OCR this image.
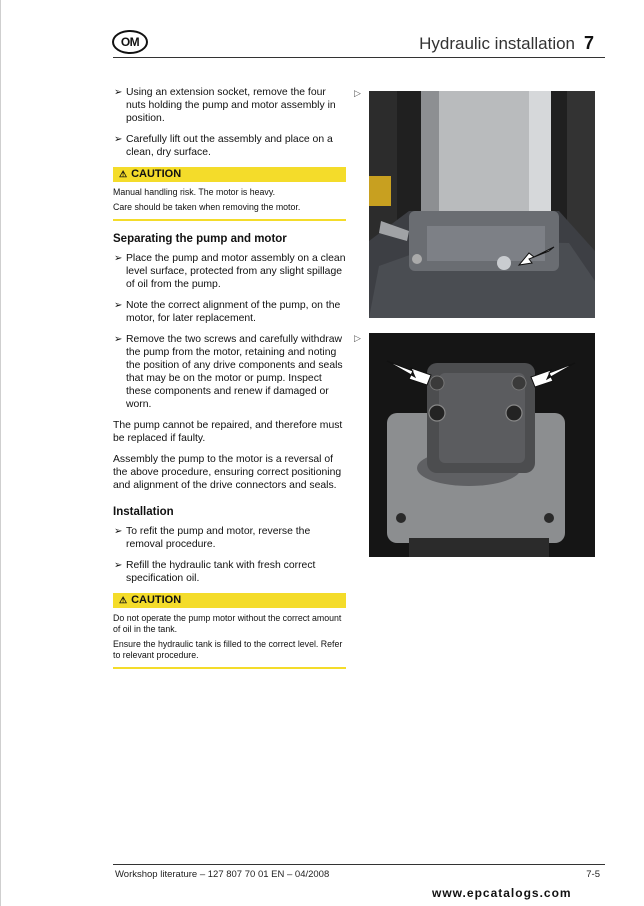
OM	Hydraulic installation 7
➢ Using an extension socket, remove the four nuts holding the pump and motor assembly in position.
➢ Carefully lift out the assembly and place on a clean, dry surface.
⚠ CAUTION
Manual handling risk. The motor is heavy.
Care should be taken when removing the motor.
Separating the pump and motor
➢ Place the pump and motor assembly on a clean level surface, protected from any slight spillage of oil from the pump.
➢ Note the correct alignment of the pump, on the motor, for later replacement.
➢ Remove the two screws and carefully withdraw the pump from the motor, retaining and noting the position of any drive components and seals that may be on the motor or pump. Inspect these components and renew if damaged or worn.
The pump cannot be repaired, and therefore must be replaced if faulty.
Assembly the pump to the motor is a reversal of the above procedure, ensuring correct positioning and alignment of the drive connectors and seals.
Installation
➢ To refit the pump and motor, reverse the removal procedure.
➢ Refill the hydraulic tank with fresh correct specification oil.
⚠ CAUTION
Do not operate the pump motor without the correct amount of oil in the tank.
Ensure the hydraulic tank is filled to the correct level. Refer to relevant procedure.
▷
▷
Workshop literature – 127 807 70 01 EN – 04/2008	7-5
www.epcatalogs.com
